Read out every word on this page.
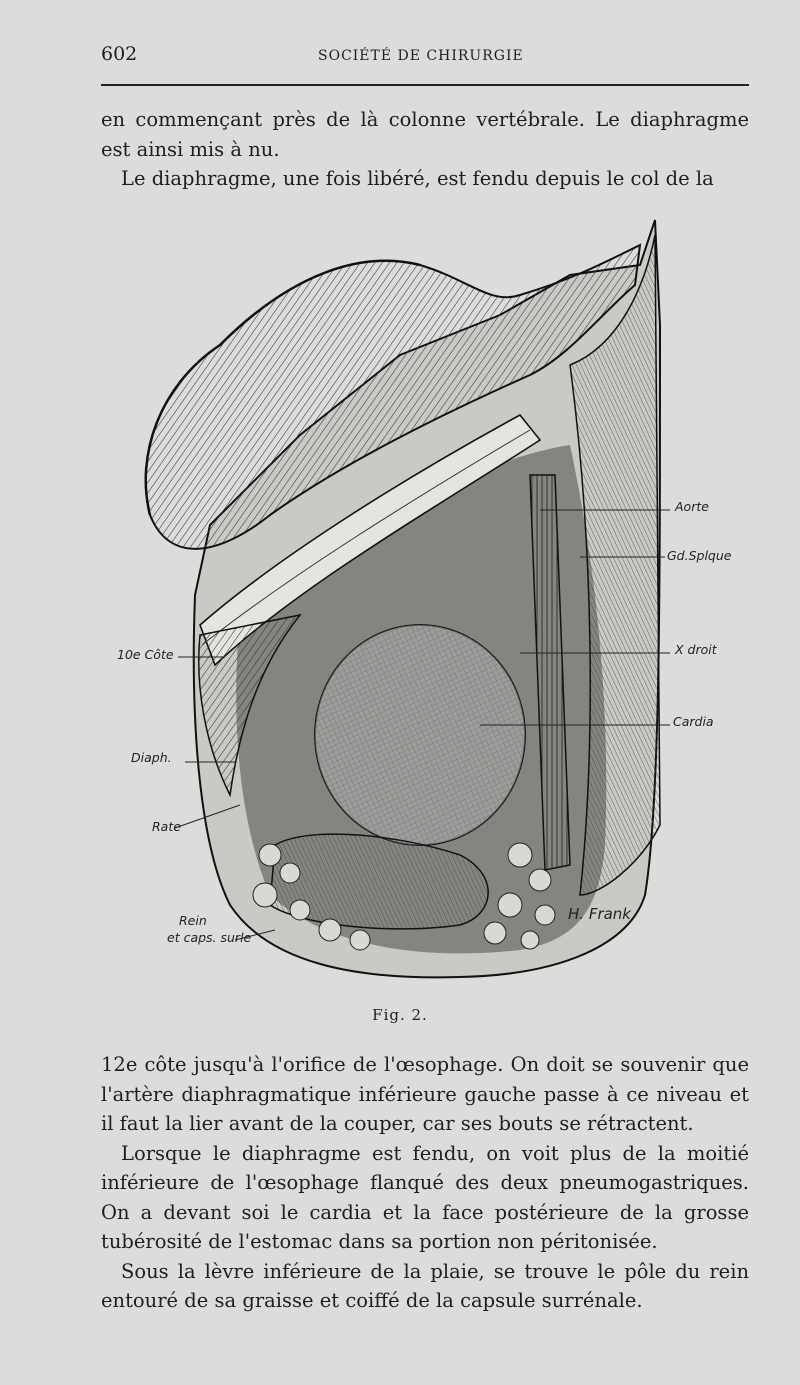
602	SOCIÉTÉ DE CHIRURGIE

en commençant près de là colonne vertébrale. Le diaphragme est ainsi mis à nu.

Le diaphragme, une fois libéré, est fendu depuis le col de la

Aorte
Gd.Splque
10e Côte	X droit
Cardia
Diaph.
Rate
Rein
et caps. surle
H. Frank
Fig. 2.

12e côte jusqu'à l'orifice de l'œsophage. On doit se souvenir que l'artère diaphragmatique inférieure gauche passe à ce niveau et il faut la lier avant de la couper, car ses bouts se rétractent.

Lorsque le diaphragme est fendu, on voit plus de la moitié inférieure de l'œsophage flanqué des deux pneumogastriques. On a devant soi le cardia et la face postérieure de la grosse tubérosité de l'estomac dans sa portion non péritonisée.

Sous la lèvre inférieure de la plaie, se trouve le pôle du rein entouré de sa graisse et coiffé de la capsule surrénale.
